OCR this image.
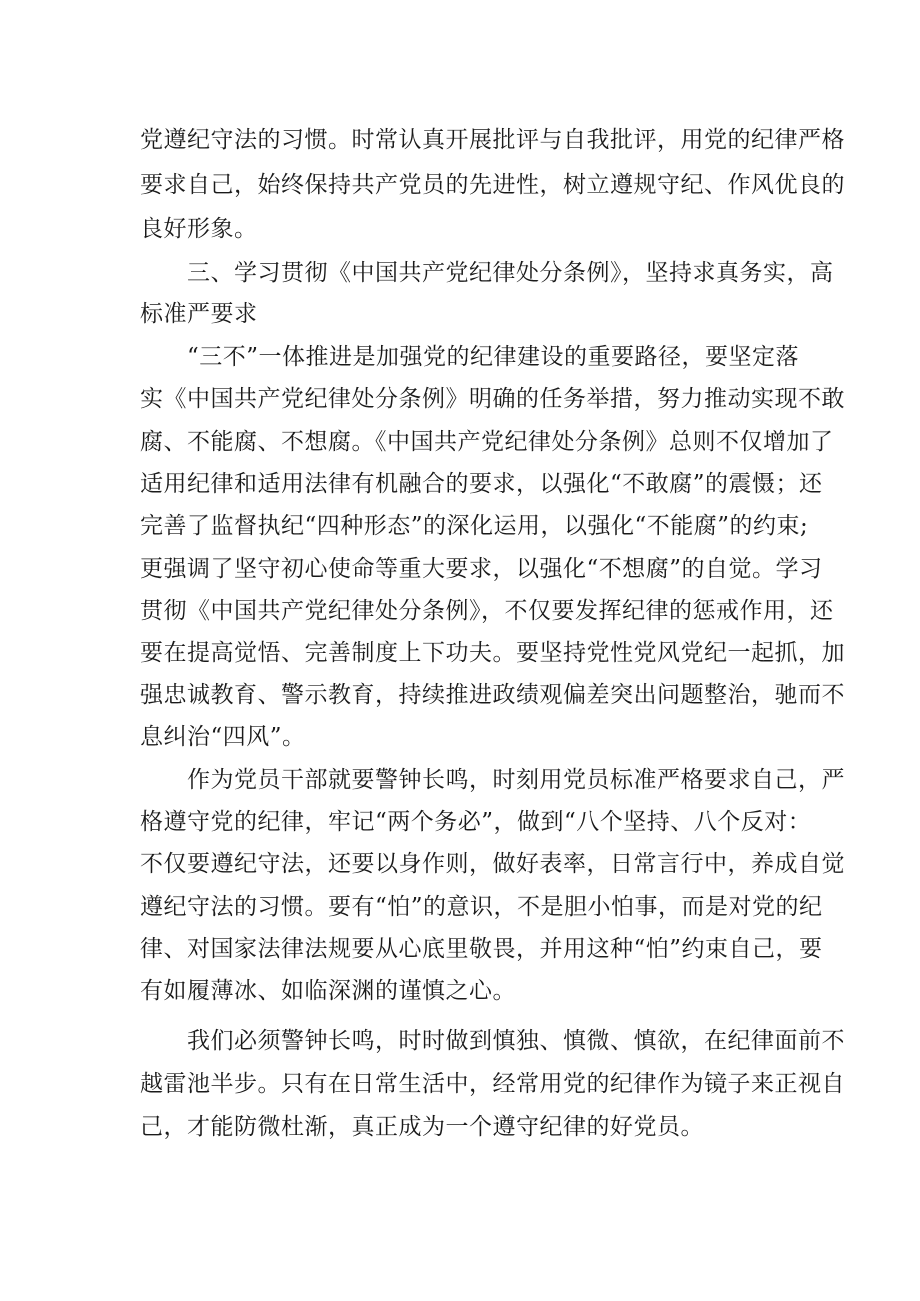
党遵纪守法的习惯。时常认真开展批评与自我批评，用党的纪律严格
要求自己，始终保持共产党员的先进性，树立遵规守纪、作风优良的
良好形象。
三、学习贯彻《中国共产党纪律处分条例》，坚持求真务实，高
标准严要求
“三不”一体推进是加强党的纪律建设的重要路径，要坚定落
实《中国共产党纪律处分条例》明确的任务举措，努力推动实现不敢
腐、不能腐、不想腐。《中国共产党纪律处分条例》总则不仅增加了
适用纪律和适用法律有机融合的要求，以强化“不敢腐”的震慑；还
完善了监督执纪“四种形态”的深化运用，以强化“不能腐”的约束;
更强调了坚守初心使命等重大要求，以强化“不想腐”的自觉。学习
贯彻《中国共产党纪律处分条例》，不仅要发挥纪律的惩戒作用，还
要在提高觉悟、完善制度上下功夫。要坚持党性党风党纪一起抓，加
强忠诚教育、警示教育，持续推进政绩观偏差突出问题整治，驰而不
息纠治“四风”。
作为党员干部就要警钟长鸣，时刻用党员标准严格要求自己，严
格遵守党的纪律，牢记“两个务必”，做到“八个坚持、八个反对：
不仅要遵纪守法，还要以身作则，做好表率，日常言行中，养成自觉
遵纪守法的习惯。要有“怕”的意识，不是胆小怕事，而是对党的纪
律、对国家法律法规要从心底里敬畏，并用这种“怕”约束自己，要
有如履薄冰、如临深渊的谨慎之心。
我们必须警钟长鸣，时时做到慎独、慎微、慎欲，在纪律面前不
越雷池半步。只有在日常生活中，经常用党的纪律作为镜子来正视自
己，才能防微杜渐，真正成为一个遵守纪律的好党员。
